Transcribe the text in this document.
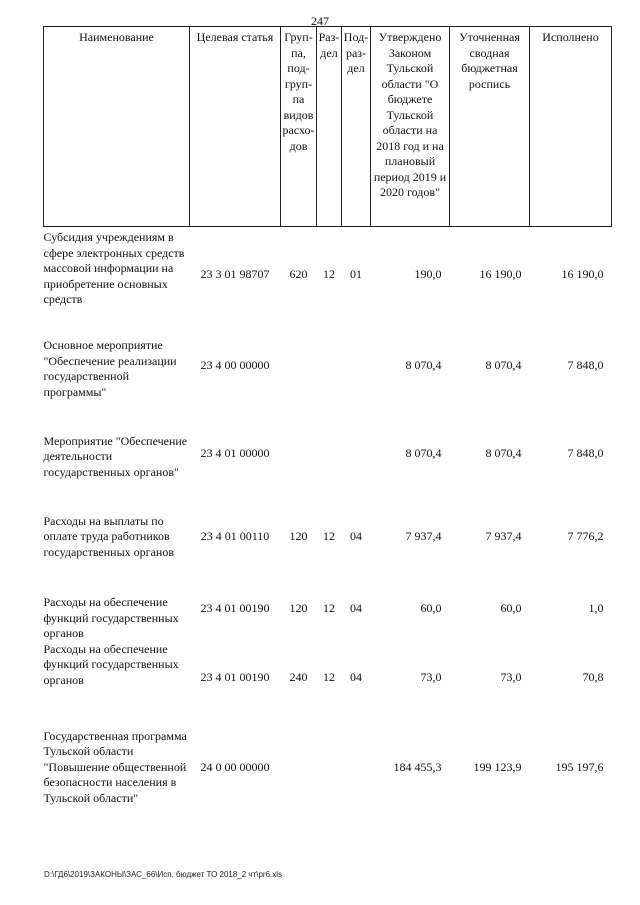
247
Наименование	Целевая статья	Груп-па, под-груп-па видов расхо-дов	Раз-дел	Под-раз-дел	Утверждено Законом Тульской области "О бюджете Тульской области на 2018 год и на плановый период 2019 и 2020 годов"	Уточненная сводная бюджетная роспись	Исполнено
Субсидия учреждениям в сфере электронных средств массовой информации на приобретение основных средств	23 3 01 98707	620	12	01	190,0	16 190,0	16 190,0
Основное мероприятие "Обеспечение реализации государственной программы"	23 4 00 00000				8 070,4	8 070,4	7 848,0
Мероприятие "Обеспечение деятельности государственных органов"	23 4 01 00000				8 070,4	8 070,4	7 848,0
Расходы на выплаты по оплате труда работников государственных органов	23 4 01 00110	120	12	04	7 937,4	7 937,4	7 776,2
Расходы на обеспечение функций государственных органов	23 4 01 00190	120	12	04	60,0	60,0	1,0
Расходы на обеспечение функций государственных органов	23 4 01 00190	240	12	04	73,0	73,0	70,8
Государственная программа Тульской области "Повышение общественной безопасности населения в Тульской области"	24 0 00 00000				184 455,3	199 123,9	195 197,6
D:\ГД6\2019\ЗАКОНЫ\ЗАС_66\Исп. бюджет ТО 2018_2 чт\pr6.xls
